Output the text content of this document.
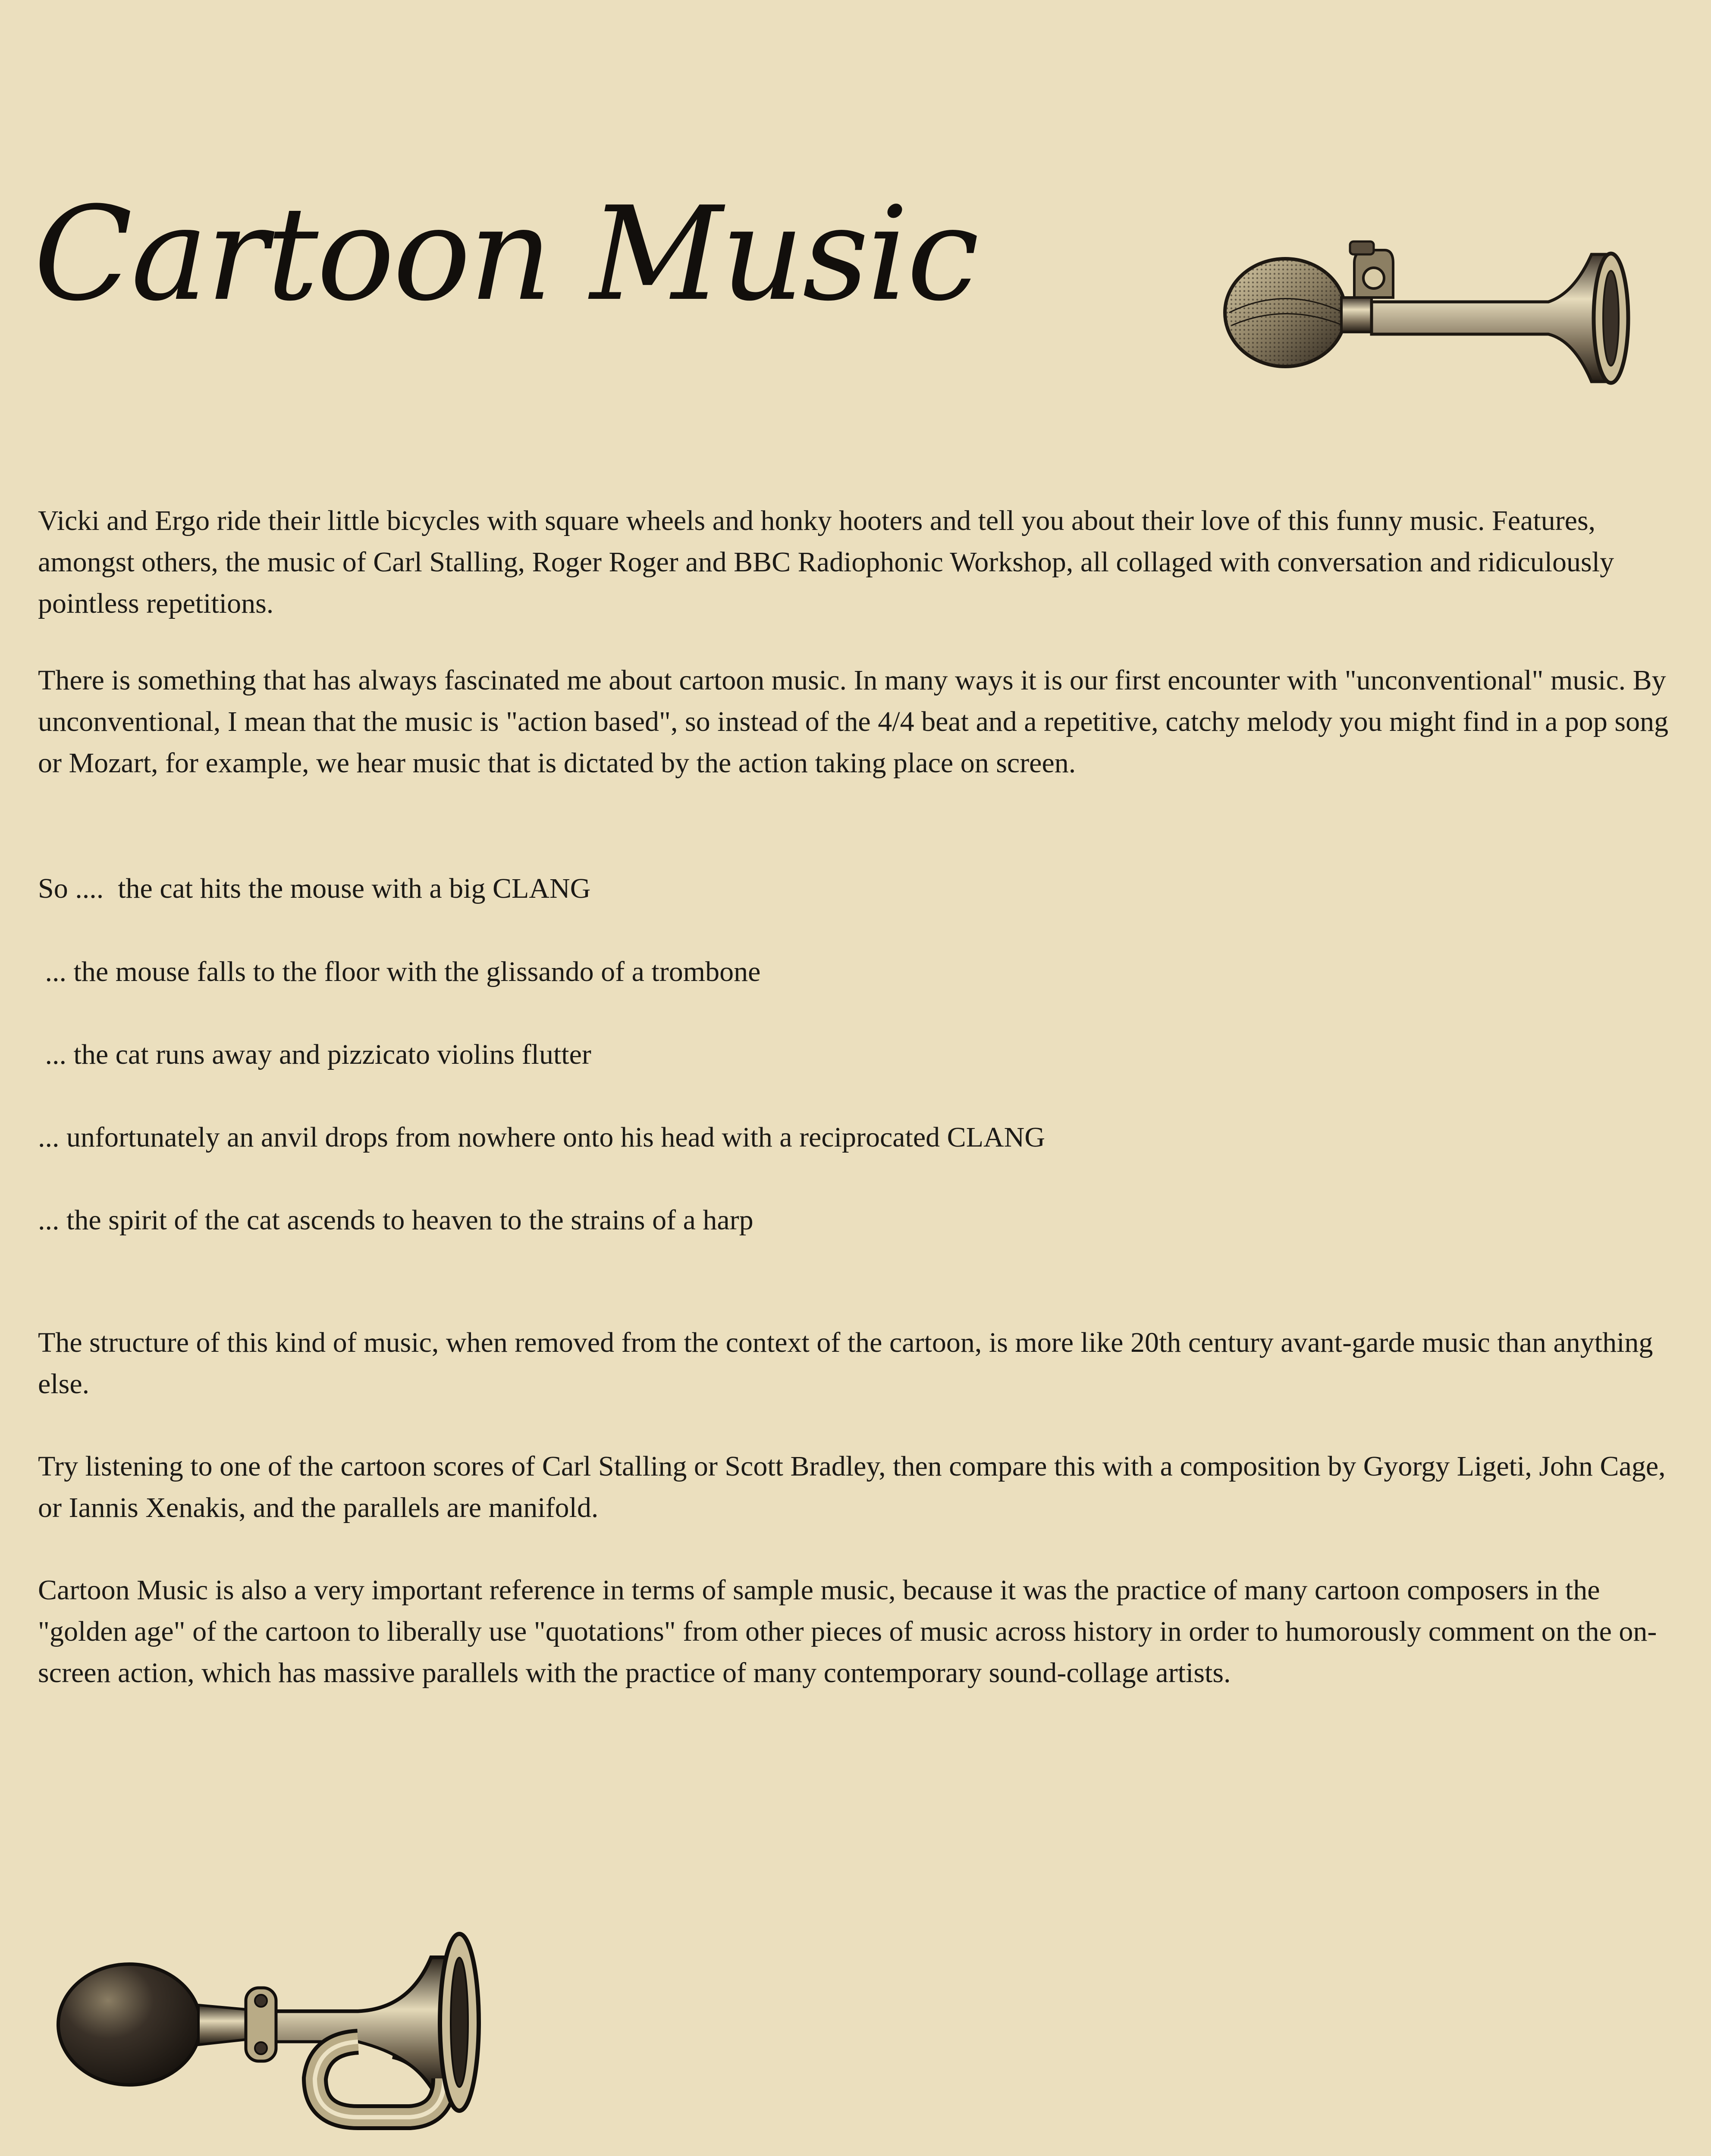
Cartoon Music

Vicki and Ergo ride their little bicycles with square wheels and honky hooters and tell you about their love of this funny music. Features, amongst others, the music of Carl Stalling, Roger Roger and BBC Radiophonic Workshop, all collaged with conversation and ridiculously pointless repetitions.

There is something that has always fascinated me about cartoon music. In many ways it is our first encounter with "unconventional" music. By unconventional, I mean that the music is "action based", so instead of the 4/4 beat and a repetitive, catchy melody you might find in a pop song or Mozart, for example, we hear music that is dictated by the action taking place on screen.

So ....  the cat hits the mouse with a big CLANG

... the mouse falls to the floor with the glissando of a trombone

... the cat runs away and pizzicato violins flutter

... unfortunately an anvil drops from nowhere onto his head with a reciprocated CLANG

... the spirit of the cat ascends to heaven to the strains of a harp

The structure of this kind of music, when removed from the context of the cartoon, is more like 20th century avant-garde music than anything else.

Try listening to one of the cartoon scores of Carl Stalling or Scott Bradley, then compare this with a composition by Gyorgy Ligeti, John Cage, or Iannis Xenakis, and the parallels are manifold.

Cartoon Music is also a very important reference in terms of sample music, because it was the practice of many cartoon composers in the "golden age" of the cartoon to liberally use "quotations" from other pieces of music across history in order to humorously comment on the on-screen action, which has massive parallels with the practice of many contemporary sound-collage artists.
